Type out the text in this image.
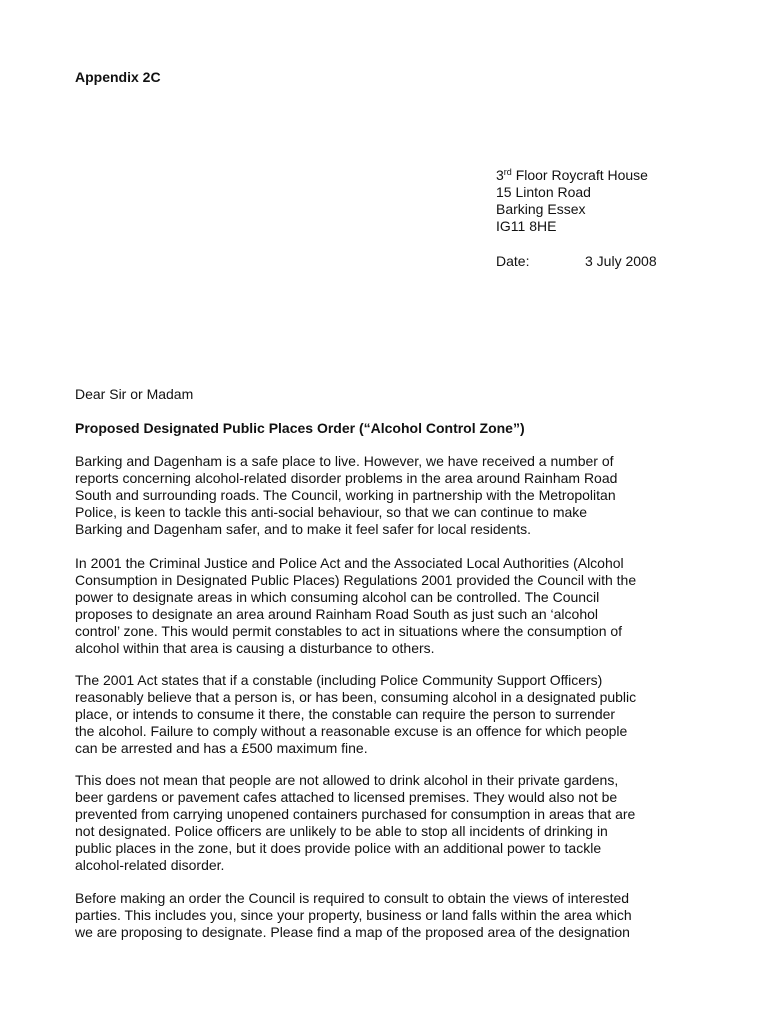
Appendix 2C
3rd Floor Roycraft House
15 Linton Road
Barking Essex
IG11 8HE
Date:	3 July 2008
Dear Sir or Madam
Proposed Designated Public Places Order (“Alcohol Control Zone”)

Barking and Dagenham is a safe place to live. However, we have received a number of
reports concerning alcohol-related disorder problems in the area around Rainham Road
South and surrounding roads. The Council, working in partnership with the Metropolitan
Police, is keen to tackle this anti-social behaviour, so that we can continue to make
Barking and Dagenham safer, and to make it feel safer for local residents.

In 2001 the Criminal Justice and Police Act and the Associated Local Authorities (Alcohol
Consumption in Designated Public Places) Regulations 2001 provided the Council with the
power to designate areas in which consuming alcohol can be controlled. The Council
proposes to designate an area around Rainham Road South as just such an ‘alcohol
control’ zone. This would permit constables to act in situations where the consumption of
alcohol within that area is causing a disturbance to others.

The 2001 Act states that if a constable (including Police Community Support Officers)
reasonably believe that a person is, or has been, consuming alcohol in a designated public
place, or intends to consume it there, the constable can require the person to surrender
the alcohol. Failure to comply without a reasonable excuse is an offence for which people
can be arrested and has a £500 maximum fine.

This does not mean that people are not allowed to drink alcohol in their private gardens,
beer gardens or pavement cafes attached to licensed premises. They would also not be
prevented from carrying unopened containers purchased for consumption in areas that are
not designated. Police officers are unlikely to be able to stop all incidents of drinking in
public places in the zone, but it does provide police with an additional power to tackle
alcohol-related disorder.

Before making an order the Council is required to consult to obtain the views of interested
parties. This includes you, since your property, business or land falls within the area which
we are proposing to designate. Please find a map of the proposed area of the designation
